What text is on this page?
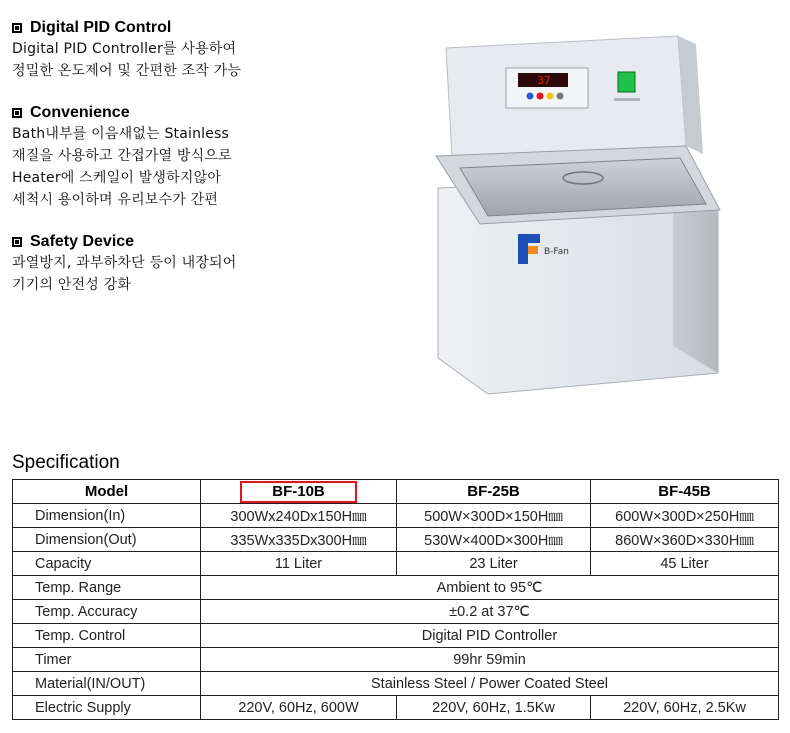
Digital PID Control
Digital PID Controller를 사용하여
정밀한 온도제어 및 간편한 조작 가능
Convenience
Bath내부를 이음새없는 Stainless
재질을 사용하고 간접가열 방식으로
Heater에 스케일이 발생하지않아
세척시 용이하며 유리보수가 간편
Safety Device
과열방지, 과부하차단 등이 내장되어
기기의 안전성 강화
37
B-Fan
Specification
Model	BF-10B	BF-25B	BF-45B
Dimension(In)	300Wx240Dx150H㎜	500W×300D×150H㎜	600W×300D×250H㎜
Dimension(Out)	335Wx335Dx300H㎜	530W×400D×300H㎜	860W×360D×330H㎜
Capacity	11 Liter	23 Liter	45 Liter
Temp. Range	Ambient to 95℃		
Temp. Accuracy	±0.2 at 37℃		
Temp. Control	Digital PID Controller		
Timer	99hr 59min		
Material(IN/OUT)	Stainless Steel / Power Coated Steel		
Electric Supply	220V, 60Hz, 600W	220V, 60Hz, 1.5Kw	220V, 60Hz, 2.5Kw
